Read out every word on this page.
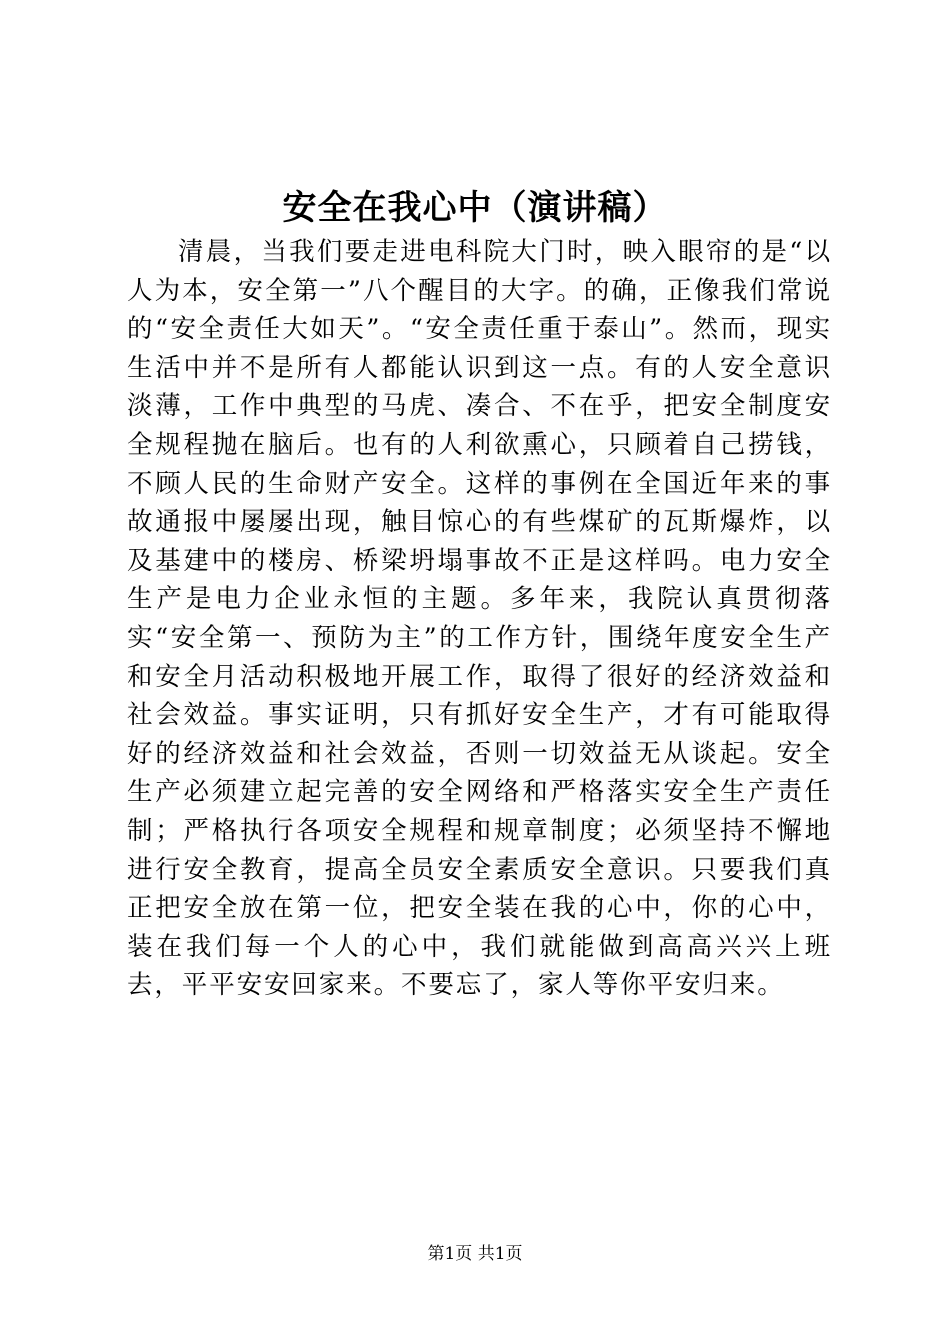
安全在我心中（演讲稿）

清晨，当我们要走进电科院大门时，映入眼帘的是“以人为本，安全第一”八个醒目的大字。的确，正像我们常说的“安全责任大如天”。“安全责任重于泰山”。然而，现实生活中并不是所有人都能认识到这一点。有的人安全意识淡薄，工作中典型的马虎、凑合、不在乎，把安全制度安全规程抛在脑后。也有的人利欲熏心，只顾着自己捞钱，不顾人民的生命财产安全。这样的事例在全国近年来的事故通报中屡屡出现，触目惊心的有些煤矿的瓦斯爆炸，以及基建中的楼房、桥梁坍塌事故不正是这样吗。电力安全生产是电力企业永恒的主题。多年来，我院认真贯彻落实“安全第一、预防为主”的工作方针，围绕年度安全生产和安全月活动积极地开展工作，取得了很好的经济效益和社会效益。事实证明，只有抓好安全生产，才有可能取得好的经济效益和社会效益，否则一切效益无从谈起。安全生产必须建立起完善的安全网络和严格落实安全生产责任制；严格执行各项安全规程和规章制度；必须坚持不懈地进行安全教育，提高全员安全素质安全意识。只要我们真正把安全放在第一位，把安全装在我的心中，你的心中，装在我们每一个人的心中，我们就能做到高高兴兴上班去，平平安安回家来。不要忘了，家人等你平安归来。

第1页 共1页
